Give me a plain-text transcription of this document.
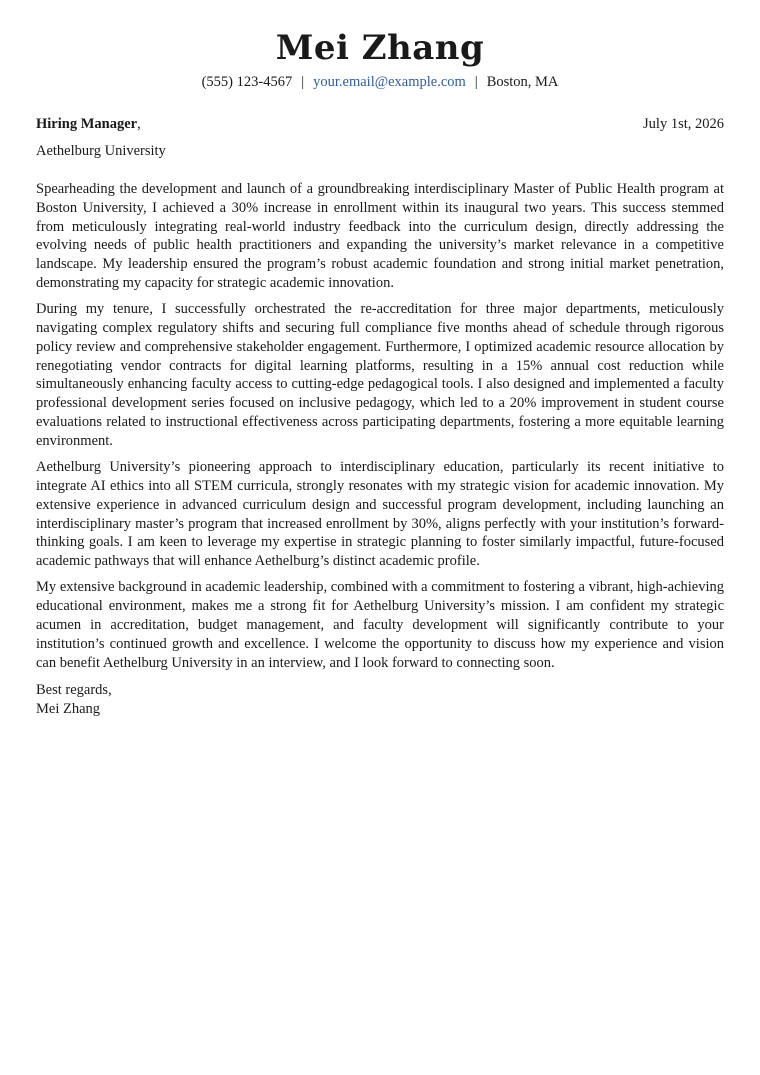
Mei Zhang
(555) 123-4567 | your.email@example.com | Boston, MA
Hiring Manager,	July 1st, 2026
Aethelburg University

Spearheading the development and launch of a groundbreaking interdisciplinary Master of Public Health program at Boston University, I achieved a 30% increase in enrollment within its inaugural two years. This success stemmed from meticulously integrating real-world industry feedback into the curriculum design, directly addressing the evolving needs of public health practitioners and expanding the university’s market relevance in a competitive landscape. My leadership ensured the program’s robust academic foundation and strong initial market penetration, demonstrating my capacity for strategic academic innovation.

During my tenure, I successfully orchestrated the re-accreditation for three major departments, meticulously navigating complex regulatory shifts and securing full compliance five months ahead of schedule through rigorous policy review and comprehensive stakeholder engagement. Furthermore, I optimized academic resource allocation by renegotiating vendor contracts for digital learning platforms, resulting in a 15% annual cost reduction while simultaneously enhancing faculty access to cutting-edge pedagogical tools. I also designed and implemented a faculty professional development series focused on inclusive pedagogy, which led to a 20% improvement in student course evaluations related to instructional effectiveness across participating departments, fostering a more equitable learning environment.

Aethelburg University’s pioneering approach to interdisciplinary education, particularly its recent initiative to integrate AI ethics into all STEM curricula, strongly resonates with my strategic vision for academic innovation. My extensive experience in advanced curriculum design and successful program development, including launching an interdisciplinary master’s program that increased enrollment by 30%, aligns perfectly with your institution’s forward-thinking goals. I am keen to leverage my expertise in strategic planning to foster similarly impactful, future-focused academic pathways that will enhance Aethelburg’s distinct academic profile.

My extensive background in academic leadership, combined with a commitment to fostering a vibrant, high-achieving educational environment, makes me a strong fit for Aethelburg University’s mission. I am confident my strategic acumen in accreditation, budget management, and faculty development will significantly contribute to your institution’s continued growth and excellence. I welcome the opportunity to discuss how my experience and vision can benefit Aethelburg University in an interview, and I look forward to connecting soon.

Best regards,
Mei Zhang
